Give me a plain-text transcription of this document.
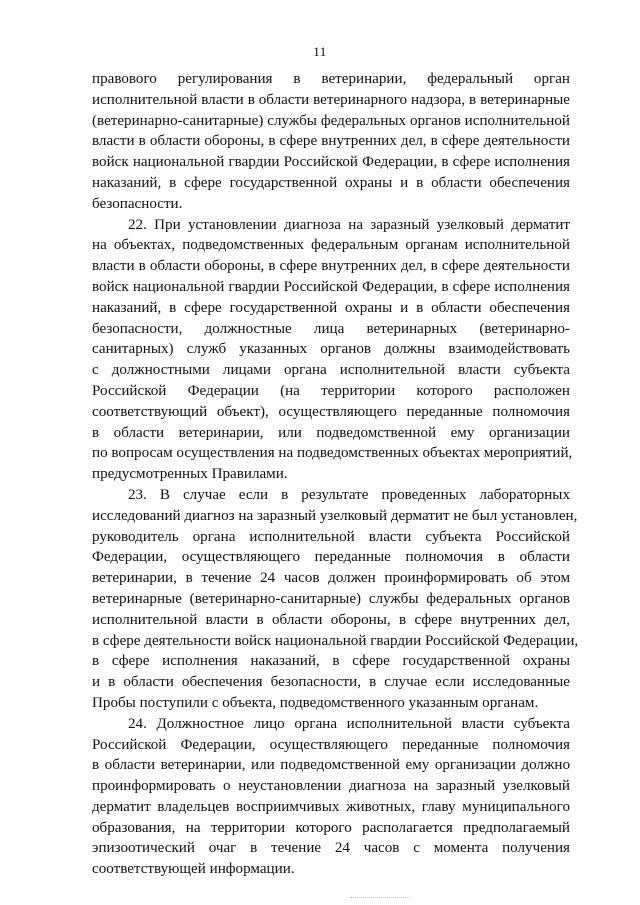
11

правового регулирования в ветеринарии, федеральный орган
исполнительной власти в области ветеринарного надзора, в ветеринарные
(ветеринарно-санитарные) службы федеральных органов исполнительной
власти в области обороны, в сфере внутренних дел, в сфере деятельности
войск национальной гвардии Российской Федерации, в сфере исполнения
наказаний, в сфере государственной охраны и в области обеспечения
безопасности.

22. При установлении диагноза на заразный узелковый дерматит
на объектах, подведомственных федеральным органам исполнительной
власти в области обороны, в сфере внутренних дел, в сфере деятельности
войск национальной гвардии Российской Федерации, в сфере исполнения
наказаний, в сфере государственной охраны и в области обеспечения
безопасности, должностные лица ветеринарных (ветеринарно-
санитарных) служб указанных органов должны взаимодействовать
с должностными лицами органа исполнительной власти субъекта
Российской Федерации (на территории которого расположен
соответствующий объект), осуществляющего переданные полномочия
в области ветеринарии, или подведомственной ему организации
по вопросам осуществления на подведомственных объектах мероприятий,
предусмотренных Правилами.

23. В случае если в результате проведенных лабораторных
исследований диагноз на заразный узелковый дерматит не был установлен,
руководитель органа исполнительной власти субъекта Российской
Федерации, осуществляющего переданные полномочия в области
ветеринарии, в течение 24 часов должен проинформировать об этом
ветеринарные (ветеринарно-санитарные) службы федеральных органов
исполнительной власти в области обороны, в сфере внутренних дел,
в сфере деятельности войск национальной гвардии Российской Федерации,
в сфере исполнения наказаний, в сфере государственной охраны
и в области обеспечения безопасности, в случае если исследованные
Пробы поступили с объекта, подведомственного указанным органам.

24. Должностное лицо органа исполнительной власти субъекта
Российской Федерации, осуществляющего переданные полномочия
в области ветеринарии, или подведомственной ему организации должно
проинформировать о неустановлении диагноза на заразный узелковый
дерматит владельцев восприимчивых животных, главу муниципального
образования, на территории которого располагается предполагаемый
эпизоотический очаг в течение 24 часов с момента получения
соответствующей информации.
